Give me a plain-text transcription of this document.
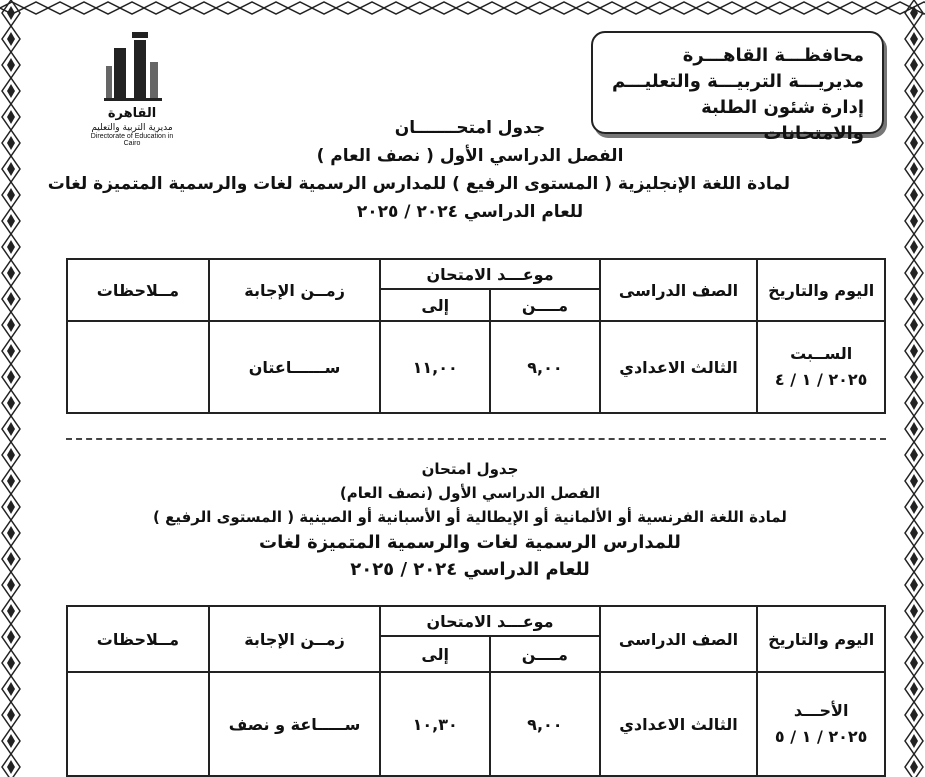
القاهرة
مديرية التربية والتعليم
Directorate of Education in Cairo
محافظـــة القاهـــرة
مديريـــة التربيـــة والتعليـــم
إدارة شئون الطلبة والامتحانات
جدول امتحـــــــان
الفصل الدراسي الأول ( نصف العام )
لمادة اللغة الإنجليزية ( المستوى الرفيع ) للمدارس الرسمية لغات والرسمية المتميزة لغات
للعام الدراسي ٢٠٢٤ / ٢٠٢٥
اليوم والتاريخ	الصف الدراسى	موعـــد الامتحان		زمــن الإجابة	مــلاحظات
		مــــن	إلى		

الســبت
٢٠٢٥ / ١ / ٤	الثالث الاعدادي	٩,٠٠	١١,٠٠	ســــــاعتان	
جدول امتحان
الفصل الدراسي الأول (نصف العام)
لمادة اللغة الفرنسية أو الألمانية أو الإيطالية أو الأسبانية أو الصينية ( المستوى الرفيع )
للمدارس الرسمية لغات والرسمية المتميزة لغات
للعام الدراسي ٢٠٢٤ / ٢٠٢٥
اليوم والتاريخ	الصف الدراسى	موعـــد الامتحان		زمــن الإجابة	مــلاحظات
		مــــن	إلى		

الأحـــد
٢٠٢٥ / ١ / ٥	الثالث الاعدادي	٩,٠٠	١٠,٣٠	ســـــاعة و نصف	
